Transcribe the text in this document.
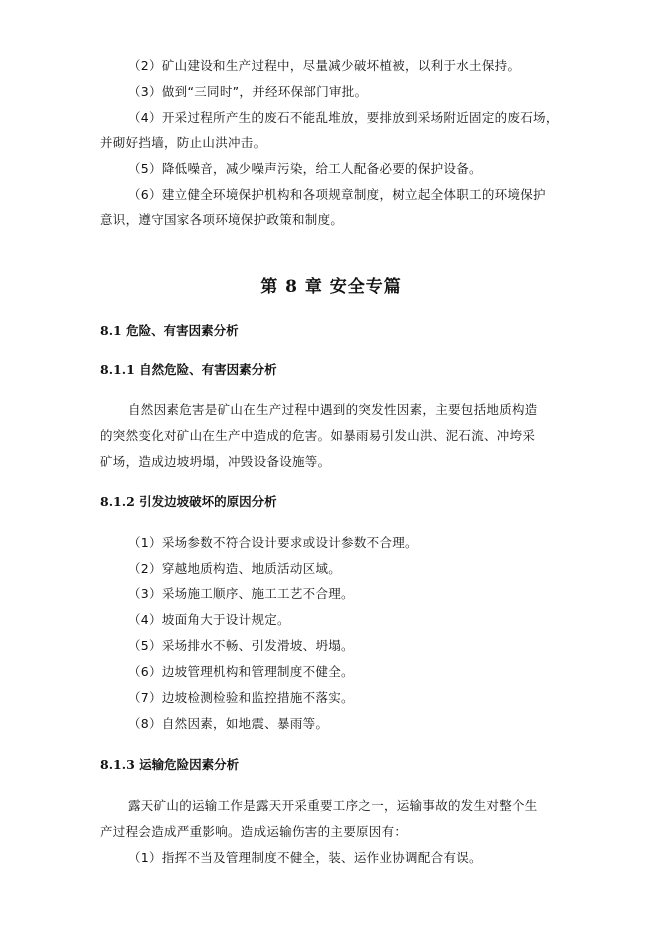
（2）矿山建设和生产过程中，尽量减少破坏植被，以利于水土保持。
（3）做到“三同时”，并经环保部门审批。
（4）开采过程所产生的废石不能乱堆放，要排放到采场附近固定的废石场，
并砌好挡墙，防止山洪冲击。
（5）降低噪音，减少噪声污染，给工人配备必要的保护设备。
（6）建立健全环境保护机构和各项规章制度，树立起全体职工的环境保护
意识，遵守国家各项环境保护政策和制度。
第 8 章 安全专篇
8.1 危险、有害因素分析
8.1.1 自然危险、有害因素分析
自然因素危害是矿山在生产过程中遇到的突发性因素，主要包括地质构造
的突然变化对矿山在生产中造成的危害。如暴雨易引发山洪、泥石流、冲垮采
矿场，造成边坡坍塌，冲毁设备设施等。
8.1.2 引发边坡破坏的原因分析
（1）采场参数不符合设计要求或设计参数不合理。
（2）穿越地质构造、地质活动区域。
（3）采场施工顺序、施工工艺不合理。
（4）坡面角大于设计规定。
（5）采场排水不畅、引发滑坡、坍塌。
（6）边坡管理机构和管理制度不健全。
（7）边坡检测检验和监控措施不落实。
（8）自然因素，如地震、暴雨等。
8.1.3 运输危险因素分析
露天矿山的运输工作是露天开采重要工序之一，运输事故的发生对整个生
产过程会造成严重影响。造成运输伤害的主要原因有：
（1）指挥不当及管理制度不健全，装、运作业协调配合有误。
